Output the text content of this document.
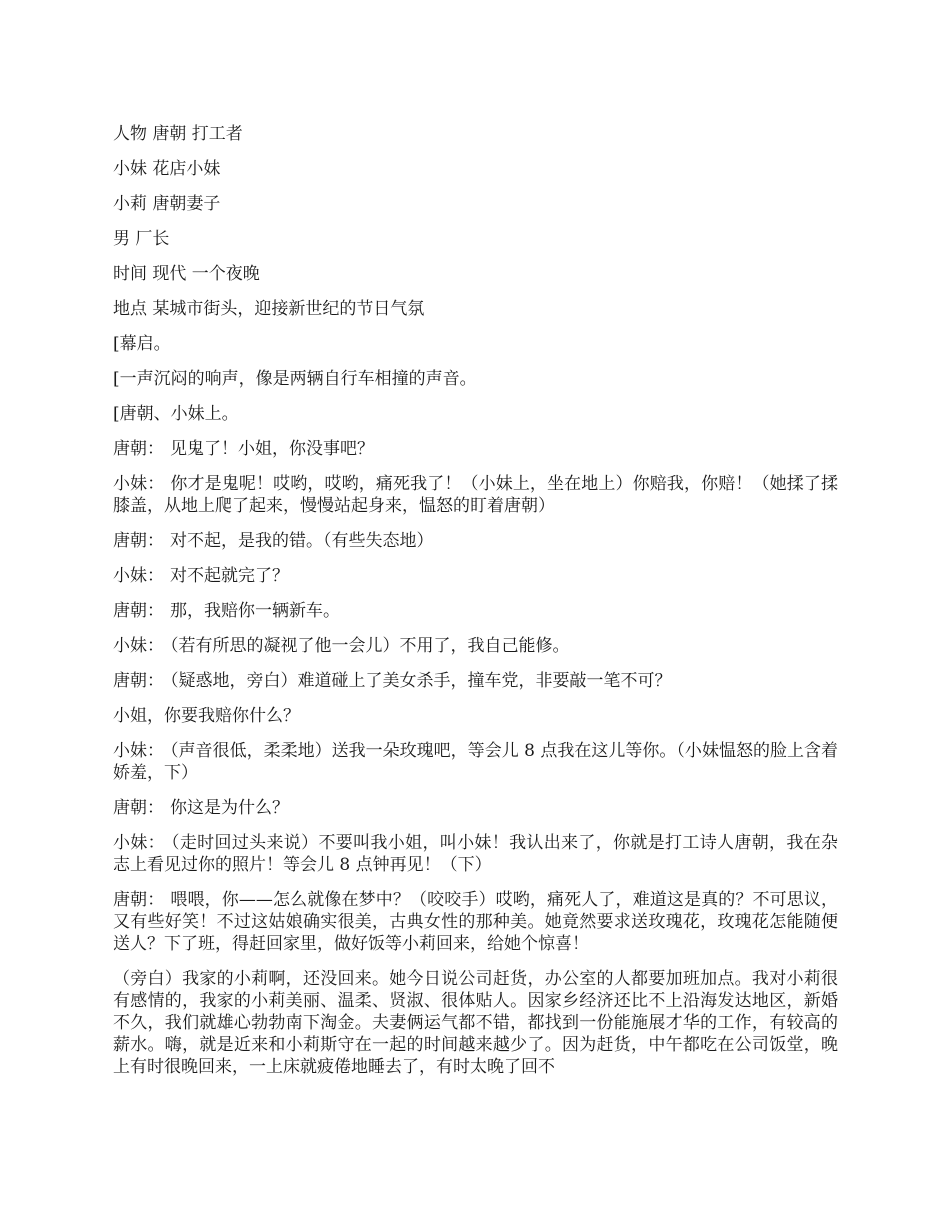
人物 唐朝 打工者

小妹 花店小妹

小莉 唐朝妻子

男 厂长

时间 现代 一个夜晚

地点 某城市街头，迎接新世纪的节日气氛

[幕启。

[一声沉闷的响声，像是两辆自行车相撞的声音。

[唐朝、小妹上。

唐朝： 见鬼了！小姐，你没事吧？

小妹： 你才是鬼呢！哎哟，哎哟，痛死我了！（小妹上，坐在地上）你赔我，你赔！（她揉了揉膝盖，从地上爬了起来，慢慢站起身来，愠怒的盯着唐朝）

唐朝： 对不起，是我的错。（有些失态地）

小妹： 对不起就完了？

唐朝： 那，我赔你一辆新车。

小妹： （若有所思的凝视了他一会儿）不用了，我自己能修。

唐朝： （疑惑地，旁白）难道碰上了美女杀手，撞车党，非要敲一笔不可？

小姐，你要我赔你什么？

小妹： （声音很低，柔柔地）送我一朵玫瑰吧，等会儿 8 点我在这儿等你。（小妹愠怒的脸上含着娇羞，下）

唐朝： 你这是为什么？

小妹： （走时回过头来说）不要叫我小姐，叫小妹！我认出来了，你就是打工诗人唐朝，我在杂志上看见过你的照片！等会儿 8 点钟再见！（下）

唐朝： 喂喂，你——怎么就像在梦中？（咬咬手）哎哟，痛死人了，难道这是真的？不可思议，又有些好笑！不过这姑娘确实很美，古典女性的那种美。她竟然要求送玫瑰花，玫瑰花怎能随便送人？下了班，得赶回家里，做好饭等小莉回来，给她个惊喜！

（旁白）我家的小莉啊，还没回来。她今日说公司赶货，办公室的人都要加班加点。我对小莉很有感情的，我家的小莉美丽、温柔、贤淑、很体贴人。因家乡经济还比不上沿海发达地区，新婚不久，我们就雄心勃勃南下淘金。夫妻俩运气都不错，都找到一份能施展才华的工作，有较高的薪水。嗨，就是近来和小莉斯守在一起的时间越来越少了。因为赶货，中午都吃在公司饭堂，晚上有时很晚回来，一上床就疲倦地睡去了，有时太晚了回不
